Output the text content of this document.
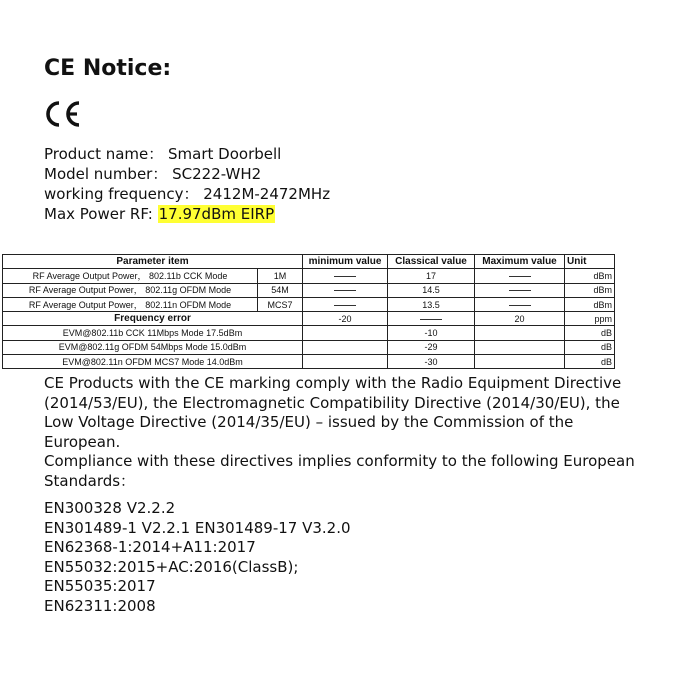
CE Notice:
Product name： Smart Doorbell
Model number： SC222-WH2
working frequency： 2412M-2472MHz
Max Power RF: 17.97dBm EIRP
Parameter item		minimum value	Classical value	Maximum value	Unit
RF Average Output Power， 802.11b CCK Mode	1M		17		dBm
RF Average Output Power， 802.11g OFDM Mode	54M		14.5		dBm
RF Average Output Power， 802.11n OFDM Mode	MCS7		13.5		dBm
Frequency error		-20		20	ppm
EVM@802.11b CCK 11Mbps Mode 17.5dBm			-10		dB
EVM@802.11g OFDM 54Mbps Mode 15.0dBm			-29		dB
EVM@802.11n OFDM MCS7 Mode 14.0dBm			-30		dB

CE Products with the CE marking comply with the Radio Equipment Directive (2014/53/EU), the Electromagnetic Compatibility Directive (2014/30/EU), the Low Voltage Directive (2014/35/EU) – issued by the Commission of the European.

Compliance with these directives implies conformity to the following European Standards：

EN300328 V2.2.2
EN301489-1 V2.2.1 EN301489-17 V3.2.0
EN62368-1:2014+A11:2017
EN55032:2015+AC:2016(ClassB);
EN55035:2017
EN62311:2008
